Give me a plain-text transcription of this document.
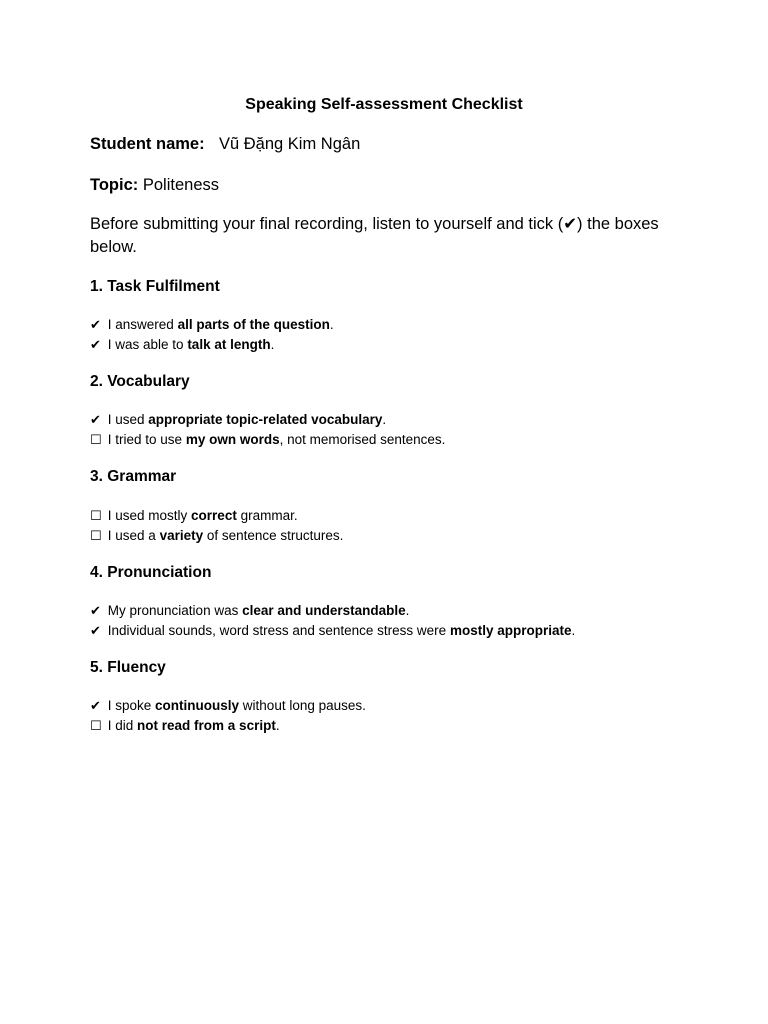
Speaking Self-assessment Checklist
Student name: Vũ Đặng Kim Ngân
Topic: Politeness
Before submitting your final recording, listen to yourself and tick (✔) the boxes below.
1. Task Fulfilment
✔ I answered all parts of the question.
✔ I was able to talk at length.
2. Vocabulary
✔ I used appropriate topic-related vocabulary.
☐ I tried to use my own words, not memorised sentences.
3. Grammar
☐ I used mostly correct grammar.
☐ I used a variety of sentence structures.
4. Pronunciation
✔ My pronunciation was clear and understandable.
✔ Individual sounds, word stress and sentence stress were mostly appropriate.
5. Fluency
✔ I spoke continuously without long pauses.
☐ I did not read from a script.
